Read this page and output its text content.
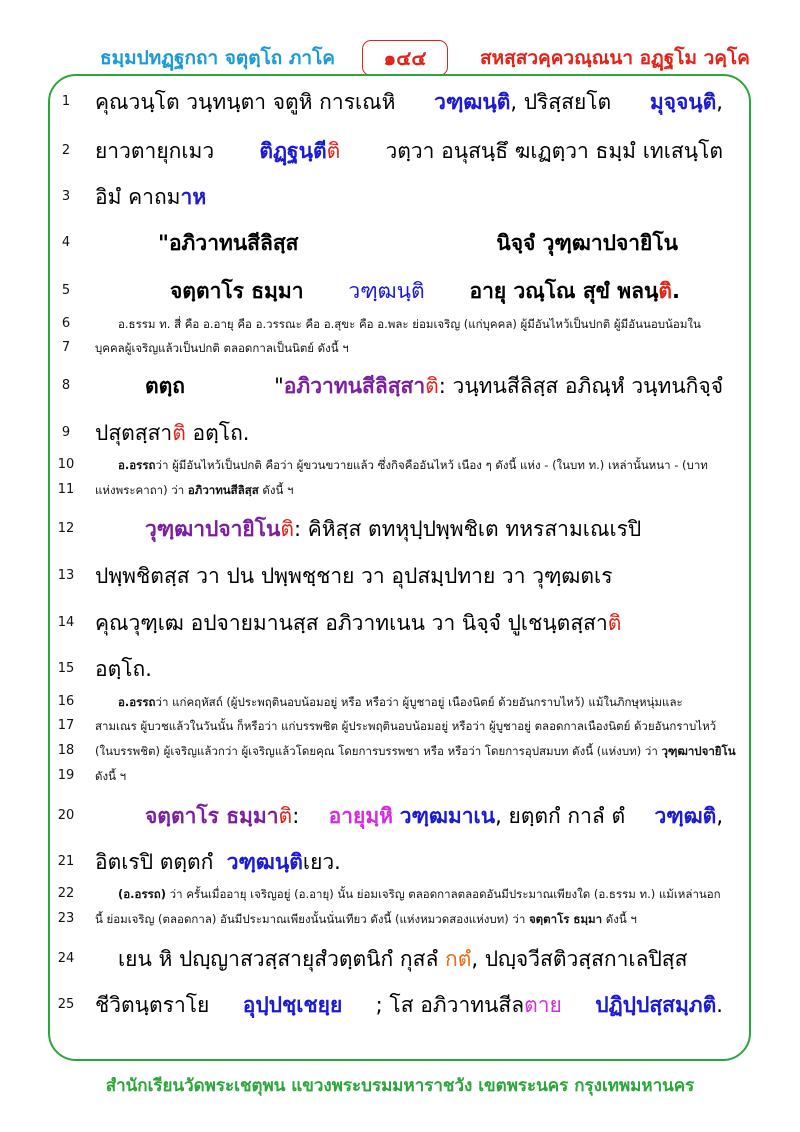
ธมฺมปทฏฺฐกถา จตุตฺโถ ภาโค	๑๔๔	สหสฺสวคฺควณฺณนา อฏฺฐโม วคฺโค
1
2
3
4
5
6
7
8
9
10
11
12
13
14
15
16
17
18
19
20
21
22
23
24
25
คุณวนฺโต วนฺทนฺตา จตูหิ การเณหิ วฑฺฒนฺติ, ปริสฺสยโต มุจฺจนฺติ,
ยาวตายุกเมว ติฏฺฐนฺตีติ วตฺวา อนุสนฺธึ ฆเฏตฺวา ธมฺมํ เทเสนฺโต
อิมํ คาถมาห
"อภิวาทนสีลิสฺส	นิจฺจํ วุฑฺฒาปจายิโน
จตฺตาโร ธมฺมา วฑฺฒนฺติ อายุ วณฺโณ สุขํ พลนฺติ.
อ.ธรรม ท. สี่ คือ อ.อายุ คือ อ.วรรณะ คือ อ.สุขะ คือ อ.พละ ย่อมเจริญ (แก่บุคคล) ผู้มีอันไหว้เป็นปกติ ผู้มีอันนอบน้อมใน
บุคคลผู้เจริญแล้วเป็นปกติ ตลอดกาลเป็นนิตย์ ดังนี้ ฯ
ตตฺถ	"อภิวาทนสีลิสฺสาติ: วนฺทนสีลิสฺส อภิณฺหํ วนฺทนกิจฺจํ
ปสุตสฺสาติ อตฺโถ.
อ.อรรถว่า ผู้มีอันไหว้เป็นปกติ คือว่า ผู้ขวนขวายแล้ว ซึ่งกิจคืออันไหว้ เนือง ๆ ดังนี้ แห่ง - (ในบท ท.) เหล่านั้นหนา - (บาท
แห่งพระคาถา) ว่า อภิวาทนสีลิสฺส ดังนี้ ฯ
วุฑฺฒาปจายิโนติ: คิหิสฺส ตทหุปฺปพฺพชิเต ทหรสามเณเรปิ
ปพฺพชิตสฺส วา ปน ปพฺพชฺชาย วา อุปสมฺปทาย วา วุฑฺฒตเร
คุณวุฑฺเฒ อปจายมานสฺส อภิวาทเนน วา นิจฺจํ ปูเชนฺตสฺสาติ
อตฺโถ.
อ.อรรถว่า แก่คฤหัสถ์ (ผู้ประพฤตินอบน้อมอยู่ หรือ หรือว่า ผู้บูชาอยู่ เนืองนิตย์ ด้วยอันกราบไหว้) แม้ในภิกษุหนุ่มและ
สามเณร ผู้บวชแล้วในวันนั้น ก็หรือว่า แก่บรรพชิต ผู้ประพฤตินอบน้อมอยู่ หรือว่า ผู้บูชาอยู่ ตลอดกาลเนืองนิตย์ ด้วยอันกราบไหว้
(ในบรรพชิต) ผู้เจริญแล้วกว่า ผู้เจริญแล้วโดยคุณ โดยการบรรพชา หรือ หรือว่า โดยการอุปสมบท ดังนี้ (แห่งบท) ว่า วุฑฺฒาปจายิโน
ดังนี้ ฯ
จตฺตาโร ธมฺมาติ: อายุมฺหิ วฑฺฒมาเน, ยตฺตกํ กาลํ ตํ วฑฺฒติ,
อิตเรปิ ตตฺตกํ วฑฺฒนฺติเยว.
(อ.อรรถ) ว่า ครั้นเมื่ออายุ เจริญอยู่ (อ.อายุ) นั้น ย่อมเจริญ ตลอดกาลตลอดอันมีประมาณเพียงใด (อ.ธรรม ท.) แม้เหล่านอก
นี้ ย่อมเจริญ (ตลอดกาล) อันมีประมาณเพียงนั้นนั่นเทียว ดังนี้ (แห่งหมวดสองแห่งบท) ว่า จตฺตาโร ธมฺมา ดังนี้ ฯ
เยน หิ ปญฺญาสวสฺสายุสํวตฺตนิกํ กุสลํ กตํ, ปญฺจวีสติวสฺสกาเลปิสฺส
ชีวิตนฺตราโย อุปฺปชฺเชยฺย ; โส อภิวาทนสีลตาย ปฏิปฺปสฺสมฺภติ.
สำนักเรียนวัดพระเชตุพน แขวงพระบรมมหาราชวัง เขตพระนคร กรุงเทพมหานคร
